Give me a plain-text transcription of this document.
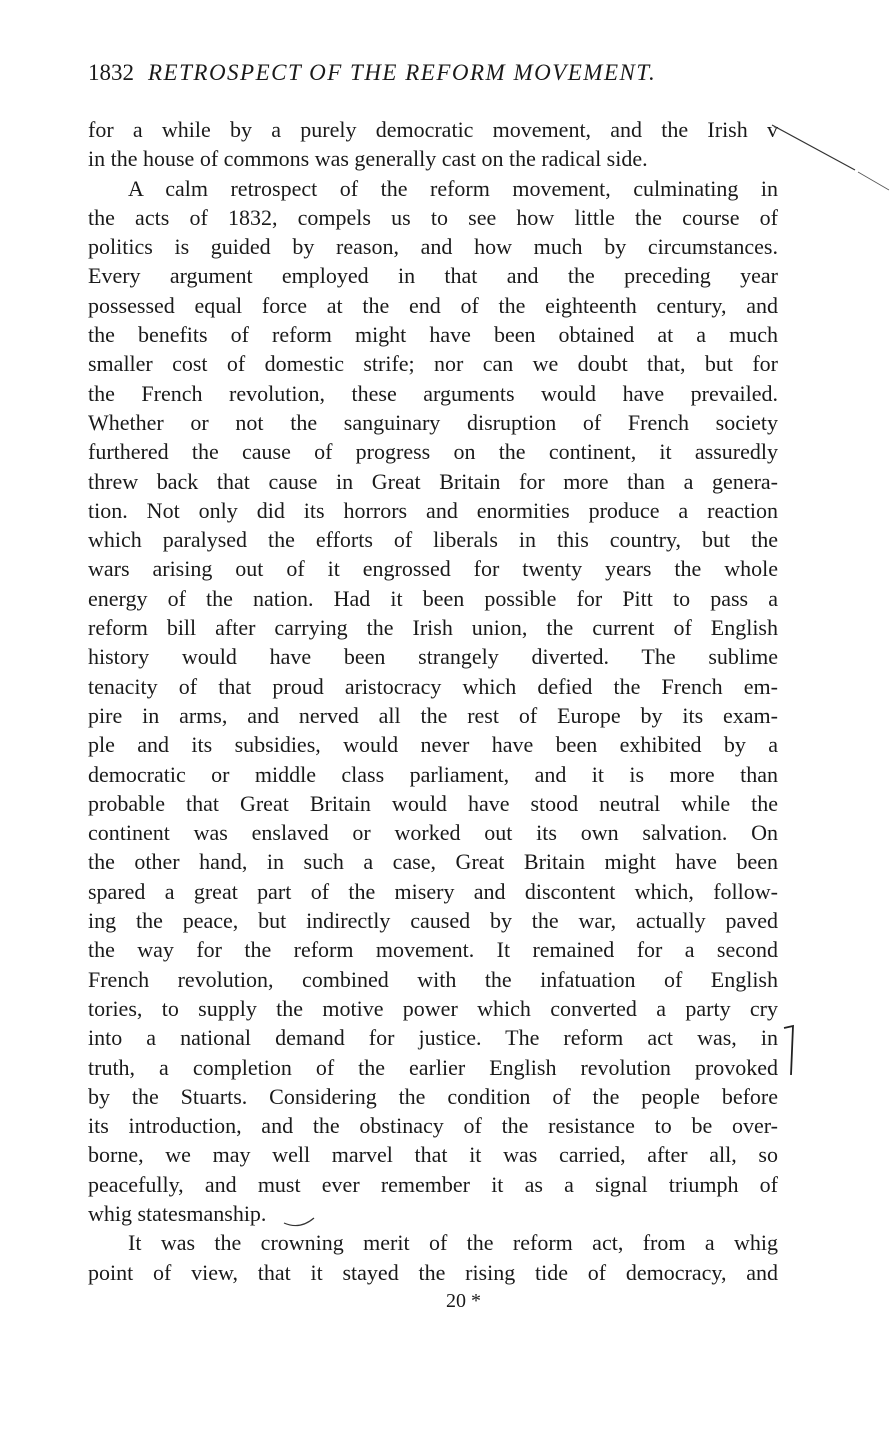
1832 RETROSPECT OF THE REFORM MOVEMENT.
for a while by a purely democratic movement, and the Irish v
in the house of commons was generally cast on the radical side.
A calm retrospect of the reform movement, culminating in
the acts of 1832, compels us to see how little the course of
politics is guided by reason, and how much by circumstances.
Every argument employed in that and the preceding year
possessed equal force at the end of the eighteenth century, and
the benefits of reform might have been obtained at a much
smaller cost of domestic strife; nor can we doubt that, but for
the French revolution, these arguments would have prevailed.
Whether or not the sanguinary disruption of French society
furthered the cause of progress on the continent, it assuredly
threw back that cause in Great Britain for more than a genera-
tion. Not only did its horrors and enormities produce a reaction
which paralysed the efforts of liberals in this country, but the
wars arising out of it engrossed for twenty years the whole
energy of the nation. Had it been possible for Pitt to pass a
reform bill after carrying the Irish union, the current of English
history would have been strangely diverted. The sublime
tenacity of that proud aristocracy which defied the French em-
pire in arms, and nerved all the rest of Europe by its exam-
ple and its subsidies, would never have been exhibited by a
democratic or middle class parliament, and it is more than
probable that Great Britain would have stood neutral while the
continent was enslaved or worked out its own salvation. On
the other hand, in such a case, Great Britain might have been
spared a great part of the misery and discontent which, follow-
ing the peace, but indirectly caused by the war, actually paved
the way for the reform movement. It remained for a second
French revolution, combined with the infatuation of English
tories, to supply the motive power which converted a party cry
into a national demand for justice. The reform act was, in
truth, a completion of the earlier English revolution provoked
by the Stuarts. Considering the condition of the people before
its introduction, and the obstinacy of the resistance to be over-
borne, we may well marvel that it was carried, after all, so
peacefully, and must ever remember it as a signal triumph of
whig statesmanship.
It was the crowning merit of the reform act, from a whig
point of view, that it stayed the rising tide of democracy, and
20 *
